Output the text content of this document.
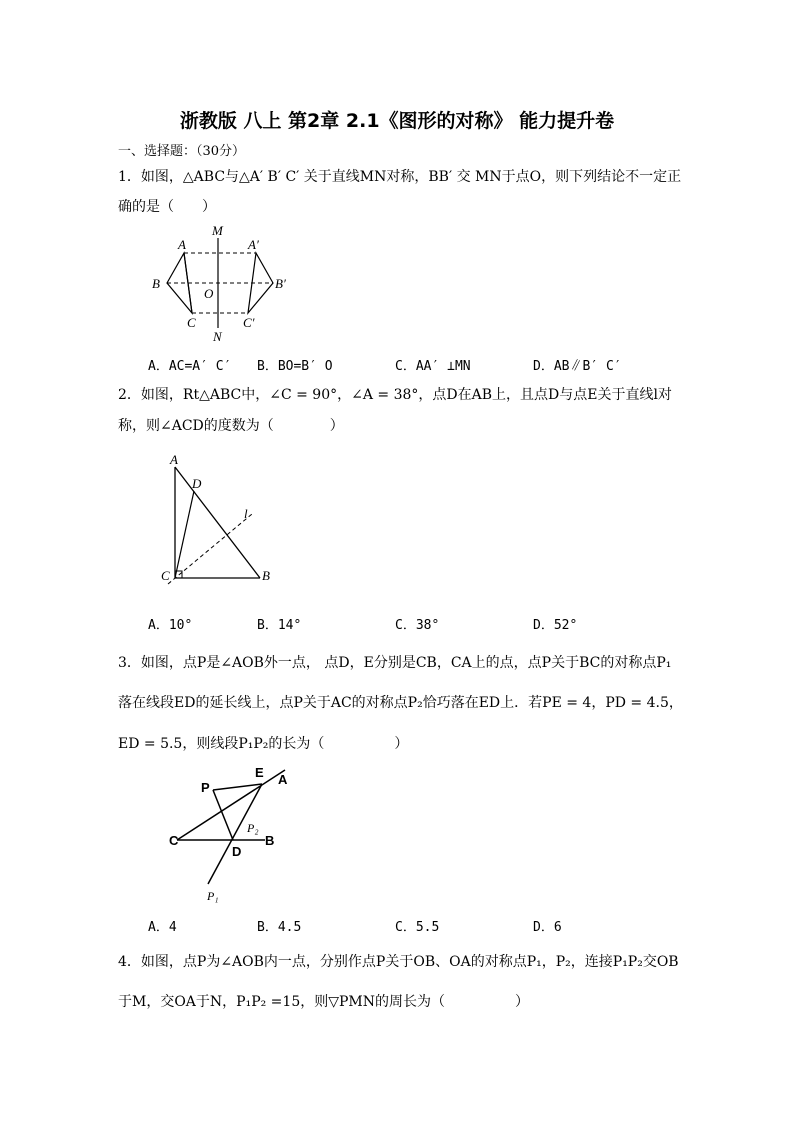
浙教版 八上 第2章 2.1《图形的对称》 能力提升卷
一、选择题：（30分）
1．如图，△ABC与△A′ B′ C′ 关于直线MN对称，BB′ 交 MN于点O，则下列结论不一定正
确的是（　　）
A
M
A′
B
O
B′
C	C′
N
A．AC=A′ C′ B．BO=B′ O	C．AA′ ⊥MN	D．AB∥B′ C′
2．如图，Rt△ABC中，∠C = 90°，∠A = 38°，点D在AB上，且点D与点E关于直线l对
称，则∠ACD的度数为（　　　　）
A
D
l
C	B
A．10°	B．14°	C．38°	D．52°
3．如图，点P是∠AOB外一点， 点D，E分别是CB，CA上的点，点P关于BC的对称点P₁
落在线段ED的延长线上，点P关于AC的对称点P₂恰巧落在ED上．若PE = 4，PD = 4.5，
ED = 5.5，则线段P₁P₂的长为（　　　　　）
P
E A
P₂
C
D
B
P₁
A．4	B．4.5	C．5.5	D．6
4．如图，点P为∠AOB内一点，分别作点P关于OB、OA的对称点P₁，P₂，连接P₁P₂交OB
于M，交OA于N，P₁P₂ =15，则▽PMN的周长为（　　　　　）
